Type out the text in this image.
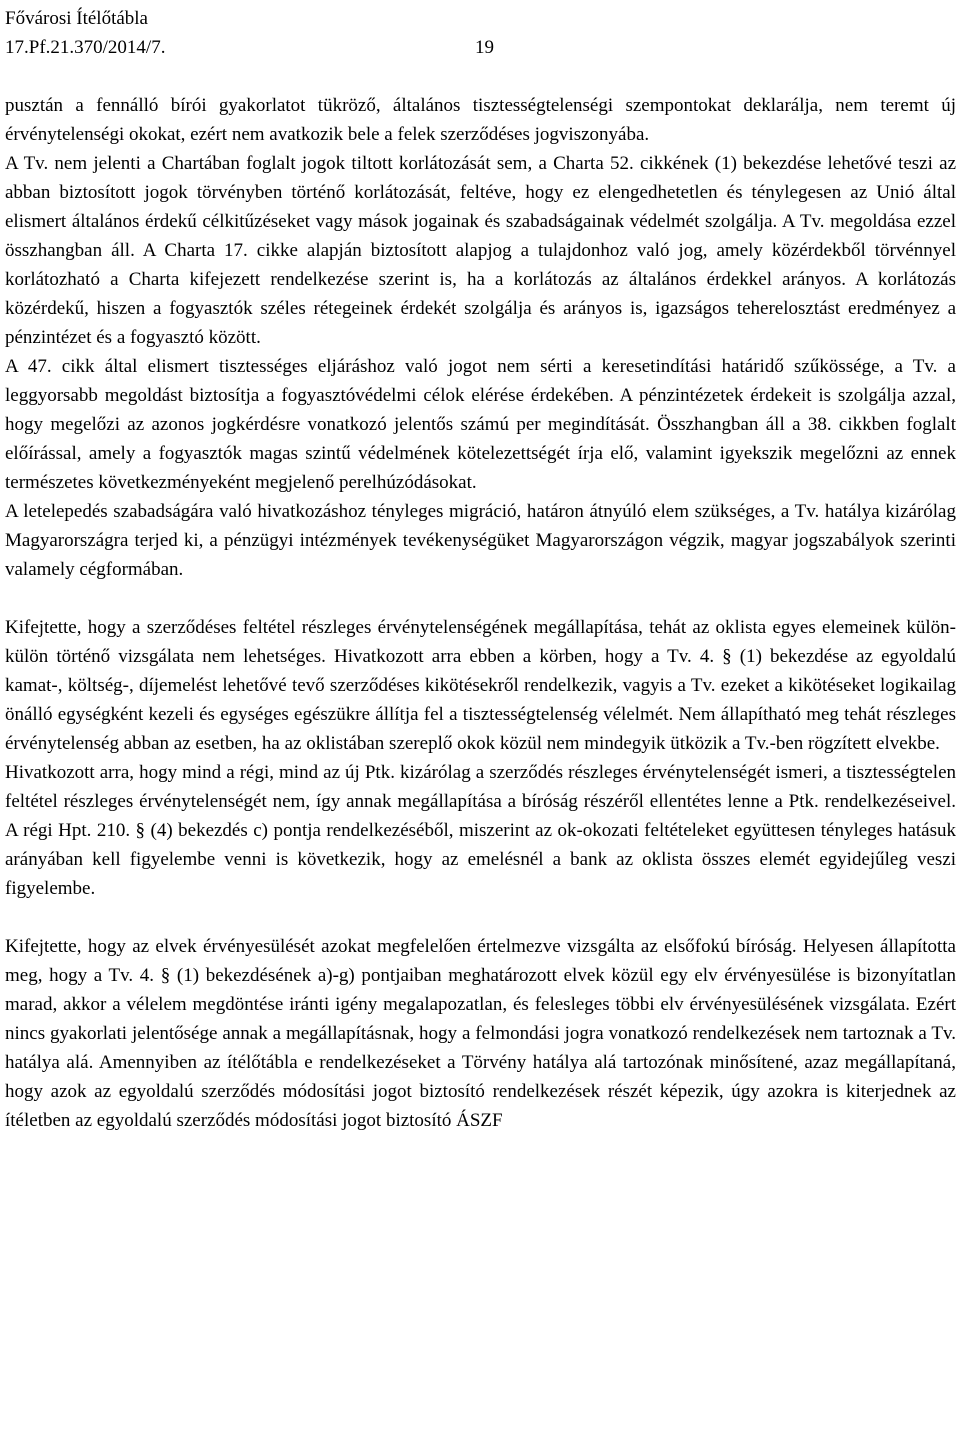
Fővárosi Ítélőtábla
17.Pf.21.370/2014/7.	19

pusztán a fennálló bírói gyakorlatot tükröző, általános tisztességtelenségi szempontokat deklarálja, nem teremt új érvénytelenségi okokat, ezért nem avatkozik bele a felek szerződéses jogviszonyába.

A Tv. nem jelenti a Chartában foglalt jogok tiltott korlátozását sem, a Charta 52. cikkének (1) bekezdése lehetővé teszi az abban biztosított jogok törvényben történő korlátozását, feltéve, hogy ez elengedhetetlen és ténylegesen az Unió által elismert általános érdekű célkitűzéseket vagy mások jogainak és szabadságainak védelmét szolgálja. A Tv. megoldása ezzel összhangban áll. A Charta 17. cikke alapján biztosított alapjog a tulajdonhoz való jog, amely közérdekből törvénnyel korlátozható a Charta kifejezett rendelkezése szerint is, ha a korlátozás az általános érdekkel arányos. A korlátozás közérdekű, hiszen a fogyasztók széles rétegeinek érdekét szolgálja és arányos is, igazságos teherelosztást eredményez a pénzintézet és a fogyasztó között.

A 47. cikk által elismert tisztességes eljáráshoz való jogot nem sérti a keresetindítási határidő szűkössége, a Tv. a leggyorsabb megoldást biztosítja a fogyasztóvédelmi célok elérése érdekében. A pénzintézetek érdekeit is szolgálja azzal, hogy megelőzi az azonos jogkérdésre vonatkozó jelentős számú per megindítását. Összhangban áll a 38. cikkben foglalt előírással, amely a fogyasztók magas szintű védelmének kötelezettségét írja elő, valamint igyekszik megelőzni az ennek természetes következményeként megjelenő perelhúzódásokat.

A letelepedés szabadságára való hivatkozáshoz tényleges migráció, határon átnyúló elem szükséges, a Tv. hatálya kizárólag Magyarországra terjed ki, a pénzügyi intézmények tevékenységüket Magyarországon végzik, magyar jogszabályok szerinti valamely cégformában.

Kifejtette, hogy a szerződéses feltétel részleges érvénytelenségének megállapítása, tehát az oklista egyes elemeinek külön-külön történő vizsgálata nem lehetséges. Hivatkozott arra ebben a körben, hogy a Tv. 4. § (1) bekezdése az egyoldalú kamat-, költség-, díjemelést lehetővé tevő szerződéses kikötésekről rendelkezik, vagyis a Tv. ezeket a kikötéseket logikailag önálló egységként kezeli és egységes egészükre állítja fel a tisztességtelenség vélelmét. Nem állapítható meg tehát részleges érvénytelenség abban az esetben, ha az oklistában szereplő okok közül nem mindegyik ütközik a Tv.-ben rögzített elvekbe.

Hivatkozott arra, hogy mind a régi, mind az új Ptk. kizárólag a szerződés részleges érvénytelenségét ismeri, a tisztességtelen feltétel részleges érvénytelenségét nem, így annak megállapítása a bíróság részéről ellentétes lenne a Ptk. rendelkezéseivel. A régi Hpt. 210. § (4) bekezdés c) pontja rendelkezéséből, miszerint az ok-okozati feltételeket együttesen tényleges hatásuk arányában kell figyelembe venni is következik, hogy az emelésnél a bank az oklista összes elemét egyidejűleg veszi figyelembe.

Kifejtette, hogy az elvek érvényesülését azokat megfelelően értelmezve vizsgálta az elsőfokú bíróság. Helyesen állapította meg, hogy a Tv. 4. § (1) bekezdésének a)-g) pontjaiban meghatározott elvek közül egy elv érvényesülése is bizonyítatlan marad, akkor a vélelem megdöntése iránti igény megalapozatlan, és felesleges többi elv érvényesülésének vizsgálata. Ezért nincs gyakorlati jelentősége annak a megállapításnak, hogy a felmondási jogra vonatkozó rendelkezések nem tartoznak a Tv. hatálya alá. Amennyiben az ítélőtábla e rendelkezéseket a Törvény hatálya alá tartozónak minősítené, azaz megállapítaná, hogy azok az egyoldalú szerződés módosítási jogot biztosító rendelkezések részét képezik, úgy azokra is kiterjednek az ítéletben az egyoldalú szerződés módosítási jogot biztosító ÁSZF
